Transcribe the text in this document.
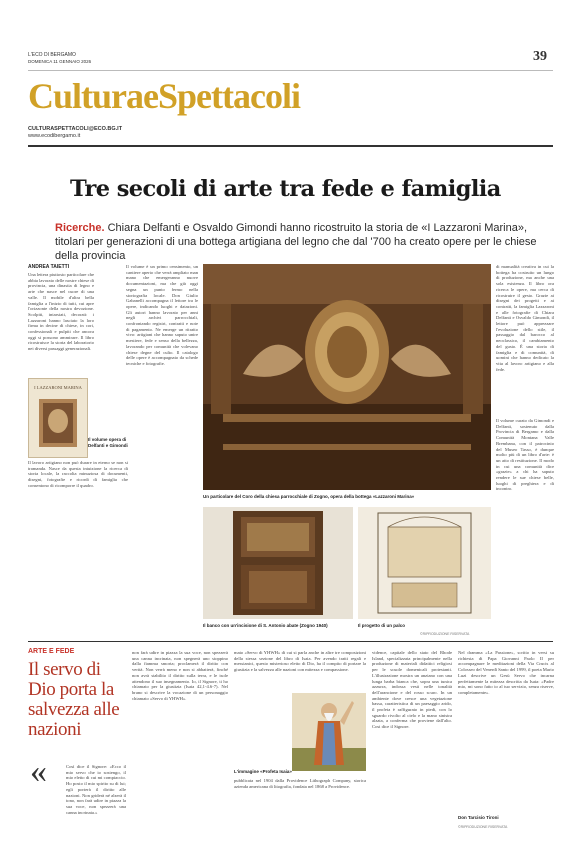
L'ECO DI BERGAMO
DOMENICA 11 GENNAIO 2026	39
CulturaeSpettacoli
CULTURASPETTACOLI@ECO.BG.IT
www.ecodibergamo.it
Tre secoli di arte tra fede e famiglia
Ricerche. Chiara Delfanti e Osvaldo Gimondi hanno ricostruito la storia de «I Lazzaroni Marina», titolari per generazioni di una bottega artigiana del legno che dal '700 ha creato opere per le chiese della provincia
ANDREA TAIETTI
Una lettera piuttosto particolare che abbia lavorato delle nostre chiese di provincia, una dinastia di legno e arte che nasce nel cuore di una valle. Il mobile d'altra bella famiglia a l'inizio di tutti, cui apre l'orizzonte della nostra devozione. Scolpiti, intarsiati, decorati: i Lazzaroni hanno lasciato la loro firma in decine di chiese, in cori, confessionali e pulpiti che ancora oggi si possono ammirare. Il libro ricostruisce la storia del laboratorio nei diversi passaggi generazionali.
I LAZZARONI MARINA
Il volume opera di Delfanti e Gimondi
Il lavoro artigiano non può durare in eterno se non si tramanda. Nasce da questa intuizione la ricerca di storia locale, la raccolta minuziosa di documenti, disegni, fotografie e ricordi di famiglia che consentono di ricomporre il quadro.
Il volume è un primo censimento, un cantiere aperto che verrà ampliato man mano che emergeranno nuove documentazioni, ma che già oggi segna un punto fermo nella storiografia locale. Don Giulio Gabanelli accompagna il lettore tra le opere, indicando luoghi e datazioni. Gli autori hanno lavorato per anni negli archivi parrocchiali, confrontando registri, contratti e note di pagamento. Ne emerge un ritratto vivo: artigiani che hanno saputo unire mestiere, fede e senso della bellezza, lavorando per comunità che volevano chiese degne del culto. Il catalogo delle opere è accompagnato da schede tecniche e fotografie.
Un particolare del Coro della chiesa parrocchiale di Zogno, opera della bottega «Lazzaroni Marina»
Il banco con un'incisione di S. Antonio abate (Zogno 1940)	Il progetto di un palco
©RIPRODUZIONE RISERVATA
di manualità creativa in cui la bottega ha costruito un lungo di produzione, ma anche una sola esistenza. Il libro ora ricerca le opere, ma cerca di ricostruire il gesto. Grazie ai disegni dei progetti e ai contratti, la famiglia Lazzaroni e alle fotografie di Chiara Delfanti e Osvaldo Gimondi, il lettore può apprezzare l'evoluzione dello stile, il passaggio dal barocco al neoclassico, il cambiamento del gusto. È una storia di famiglia e di comunità, di uomini che hanno dedicato la vita al lavoro artigiano e alla fede.
Il volume curato da Gimondi e Delfanti, sostenuto dalla Provincia di Bergamo e dalla Comunità Montana Valle Brembana, con il patrocinio del Museo Tasso, è dunque molto più di un libro d'arte: è un atto di restituzione. Il modo in cui una comunità dice «grazie» a chi ha saputo rendere le sue chiese belle, luoghi di preghiera e di incontro.
ARTE E FEDE
Il servo di Dio porta la salvezza alle nazioni
«	Così dice il Signore: «Ecco il mio servo che io sostengo, il mio eletto di cui mi compiaccio. Ho posto il mio spirito su di lui; egli porterà il diritto alle nazioni. Non griderà né alzerà il tono, non farà udire in piazza la sua voce, non spezzerà una canna incrinata.»
non farà udire in piazza la sua voce, non spezzerà una canna incrinata, non spegnerà uno stoppino dalla fiamma smorta; proclamerà il diritto con verità. Non verrà meno e non si abbatterà, finché non avrà stabilito il diritto sulla terra, e le isole attendono il suo insegnamento. Io, il Signore, ti ho chiamato per la giustizia (Isaia 42,1-4.6-7). Nel brano si descrive la vocazione di un personaggio chiamato «Servo di YHWH».
mato «Servo di YHWH» di cui si parla anche in altre tre composizioni della stessa sezione del libro di Isaia. Per avendo tratti regali e messianici, questo misterioso eletto di Dio, ha il compito di portare la giustizia e la salvezza alle nazioni con mitezza e compassione.
L'immagine «Profeta Isaia»
pubblicata nel 1904 dalla Providence Lithograph Company, storica azienda americana di litografia, fondata nel 1868 a Providence.
vidence, capitale dello stato del Rhode Island, specializzata principalmente nella produzione di materiali didattici religiosi per le scuole domenicali protestanti. L'illustrazione mostra un anziano con una lunga barba bianca che, sopra una tunica azzurra, indossa vesti nelle tonalità dell'arancione e del rosso scuro. In un ambiente dove cresce una vegetazione bassa, caratteristica di un paesaggio arido, il profeta è raffigurato in piedi, con lo sguardo rivolto al cielo e la mano sinistra alzata, a conferma che proviene dall'alto. Cosi dice il Signore.
Nel dramma «La Passione», scritto in versi su richiesta di Papa Giovanni Paolo II per accompagnare le meditazioni della Via Crucis al Colosseo del Venerdì Santo del 1999, il poeta Mario Luzi descrive un Gesù Servo che incarna perfettamente la mitezza descritta da Isaia: «Padre mio, mi sono fatto io al tuo servizio, senza riserve, completamente».
Don Tarcisio Tironi
©RIPRODUZIONE RISERVATA
